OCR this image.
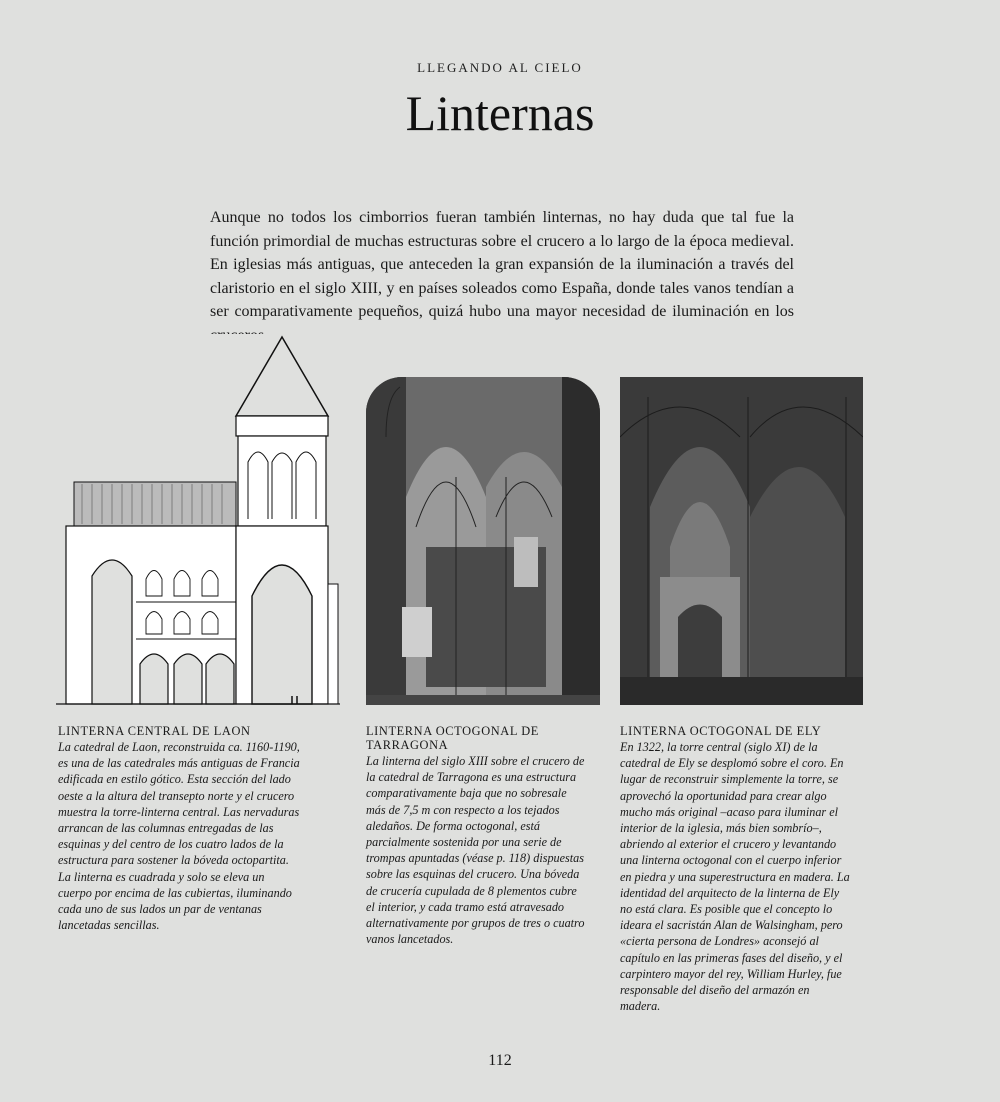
LLEGANDO AL CIELO
Linternas
Aunque no todos los cimborrios fueran también linternas, no hay duda que tal fue la función primordial de muchas estructuras sobre el crucero a lo largo de la época medieval. En iglesias más antiguas, que anteceden la gran expansión de la iluminación a través del claristorio en el siglo XIII, y en países soleados como España, donde tales vanos tendían a ser comparativamente pequeños, quizá hubo una mayor necesidad de iluminación en los
LINTERNA CENTRAL DE LAON
La catedral de Laon, reconstruida ca. 1160-1190, es una de las catedrales más antiguas de Francia edificada en estilo gótico. Esta sección del lado oeste a la altura del transepto norte y el crucero muestra la torre-linterna central. Las nervaduras arrancan de las columnas entregadas de las esquinas y del centro de los cuatro lados de la estructura para sostener la bóveda octopartita. La linterna es cuadrada y solo se eleva un cuerpo por encima de las cubiertas, iluminando cada uno de sus lados un par de ventanas lancetadas sencillas.
LINTERNA OCTOGONAL DE TARRAGONA
La linterna del siglo XIII sobre el crucero de la catedral de Tarragona es una estructura comparativamente baja que no sobresale más de 7,5 m con respecto a los tejados aledaños. De forma octogonal, está parcialmente sostenida por una serie de trompas apuntadas (véase p. 118) dispuestas sobre las esquinas del crucero. Una bóveda de crucería cupulada de 8 plementos cubre el interior, y cada tramo está atravesado alternativamente por grupos de tres o cuatro vanos lancetados.
LINTERNA OCTOGONAL DE ELY
En 1322, la torre central (siglo XI) de la catedral de Ely se desplomó sobre el coro. En lugar de reconstruir simplemente la torre, se aprovechó la oportunidad para crear algo mucho más original –acaso para iluminar el interior de la iglesia, más bien sombrío–, abriendo al exterior el crucero y levantando una linterna octogonal con el cuerpo inferior en piedra y una superestructura en madera. La identidad del arquitecto de la linterna de Ely no está clara. Es posible que el concepto lo ideara el sacristán Alan de Walsingham, pero «cierta persona de Londres» aconsejó al capítulo en las primeras fases del diseño, y el carpintero mayor del rey, William Hurley, fue responsable del diseño del armazón en madera.
112
